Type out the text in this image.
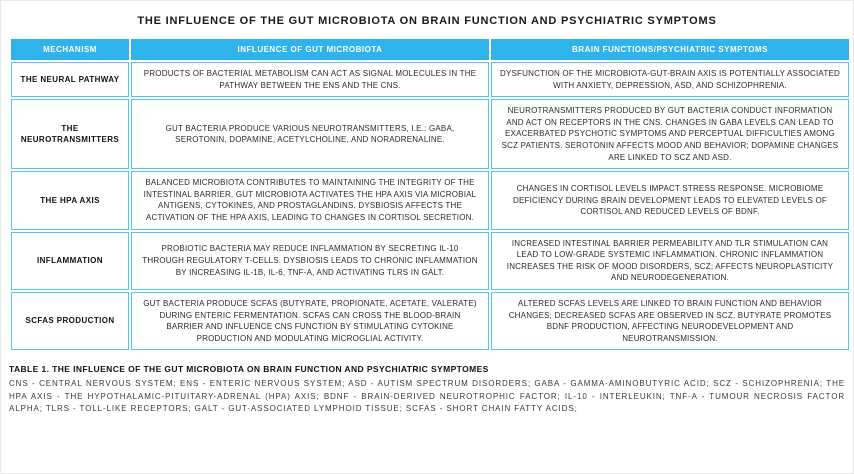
THE INFLUENCE OF THE GUT MICROBIOTA ON BRAIN FUNCTION AND PSYCHIATRIC SYMPTOMS
MECHANISM	INFLUENCE OF GUT MICROBIOTA	BRAIN FUNCTIONS/PSYCHIATRIC SYMPTOMS
THE NEURAL PATHWAY	PRODUCTS OF BACTERIAL METABOLISM CAN ACT AS SIGNAL MOLECULES IN THE PATHWAY BETWEEN THE ENS AND THE CNS.	DYSFUNCTION OF THE MICROBIOTA-GUT-BRAIN AXIS IS POTENTIALLY ASSOCIATED WITH ANXIETY, DEPRESSION, ASD, AND SCHIZOPHRENIA.
THE NEUROTRANSMITTERS	GUT BACTERIA PRODUCE VARIOUS NEUROTRANSMITTERS, I.E.: GABA, SEROTONIN, DOPAMINE, ACETYLCHOLINE, AND NORADRENALINE.	NEUROTRANSMITTERS PRODUCED BY GUT BACTERIA CONDUCT INFORMATION AND ACT ON RECEPTORS IN THE CNS. CHANGES IN GABA LEVELS CAN LEAD TO EXACERBATED PSYCHOTIC SYMPTOMS AND PERCEPTUAL DIFFICULTIES AMONG SCZ PATIENTS. SEROTONIN AFFECTS MOOD AND BEHAVIOR; DOPAMINE CHANGES ARE LINKED TO SCZ AND ASD.
THE HPA AXIS	BALANCED MICROBIOTA CONTRIBUTES TO MAINTAINING THE INTEGRITY OF THE INTESTINAL BARRIER. GUT MICROBIOTA ACTIVATES THE HPA AXIS VIA MICROBIAL ANTIGENS, CYTOKINES, AND PROSTAGLANDINS. DYSBIOSIS AFFECTS THE ACTIVATION OF THE HPA AXIS, LEADING TO CHANGES IN CORTISOL SECRETION.	CHANGES IN CORTISOL LEVELS IMPACT STRESS RESPONSE. MICROBIOME DEFICIENCY DURING BRAIN DEVELOPMENT LEADS TO ELEVATED LEVELS OF CORTISOL AND REDUCED LEVELS OF BDNF.
INFLAMMATION	PROBIOTIC BACTERIA MAY REDUCE INFLAMMATION BY SECRETING IL-10 THROUGH REGULATORY T-CELLS. DYSBIOSIS LEADS TO CHRONIC INFLAMMATION BY INCREASING IL-1B, IL-6, TNF-A, AND ACTIVATING TLRS IN GALT.	INCREASED INTESTINAL BARRIER PERMEABILITY AND TLR STIMULATION CAN LEAD TO LOW-GRADE SYSTEMIC INFLAMMATION. CHRONIC INFLAMMATION INCREASES THE RISK OF MOOD DISORDERS, SCZ; AFFECTS NEUROPLASTICITY AND NEURODEGENERATION.
SCFAS PRODUCTION	GUT BACTERIA PRODUCE SCFAS (BUTYRATE, PROPIONATE, ACETATE, VALERATE) DURING ENTERIC FERMENTATION. SCFAS CAN CROSS THE BLOOD-BRAIN BARRIER AND INFLUENCE CNS FUNCTION BY STIMULATING CYTOKINE PRODUCTION AND MODULATING MICROGLIAL ACTIVITY.	ALTERED SCFAS LEVELS ARE LINKED TO BRAIN FUNCTION AND BEHAVIOR CHANGES; DECREASED SCFAS ARE OBSERVED IN SCZ. BUTYRATE PROMOTES BDNF PRODUCTION, AFFECTING NEURODEVELOPMENT AND NEUROTRANSMISSION.
TABLE 1. THE INFLUENCE OF THE GUT MICROBIOTA ON BRAIN FUNCTION AND PSYCHIATRIC SYMPTOMES
CNS - CENTRAL NERVOUS SYSTEM; ENS - ENTERIC NERVOUS SYSTEM; ASD - AUTISM SPECTRUM DISORDERS; GABA - GAMMA-AMINOBUTYRIC ACID; SCZ - SCHIZOPHRENIA; THE HPA AXIS - THE HYPOTHALAMIC-PITUITARY-ADRENAL (HPA) AXIS; BDNF - BRAIN-DERIVED NEUROTROPHIC FACTOR; IL-10 - INTERLEUKIN; TNF-A - TUMOUR NECROSIS FACTOR ALPHA; TLRS - TOLL-LIKE RECEPTORS; GALT - GUT-ASSOCIATED LYMPHOID TISSUE; SCFAS - SHORT CHAIN FATTY ACIDS;
